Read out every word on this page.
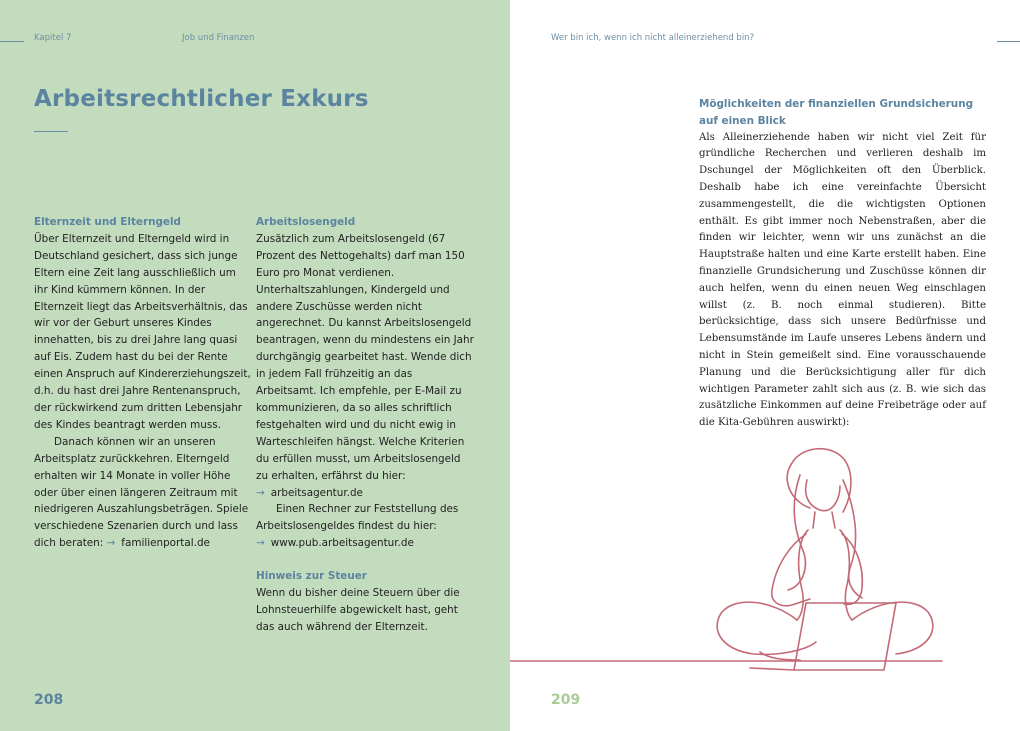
Kapitel 7	Job und Finanzen
Arbeitsrechtlicher Exkurs

Elternzeit und Elterngeld

Über Elternzeit und Elterngeld wird in Deutschland gesichert, dass sich junge Eltern eine Zeit lang ausschließlich um ihr Kind kümmern können. In der Elternzeit liegt das Arbeitsverhältnis, das wir vor der Geburt unseres Kindes innehatten, bis zu drei Jahre lang quasi auf Eis. Zudem hast du bei der Rente einen Anspruch auf Kindererziehungszeit, d.h. du hast drei Jahre Rentenanspruch, der rückwirkend zum dritten Lebensjahr des Kindes beantragt werden muss.

Danach können wir an unseren Arbeitsplatz zurückkehren. Elterngeld erhalten wir 14 Monate in voller Höhe oder über einen längeren Zeitraum mit niedrigeren Auszahlungsbeträgen. Spiele verschiedene Szenarien durch und lass dich beraten: → familienportal.de

Arbeitslosengeld

Zusätzlich zum Arbeitslosengeld (67 Prozent des Nettogehalts) darf man 150 Euro pro Monat verdienen. Unterhaltszahlungen, Kindergeld und andere Zuschüsse werden nicht angerechnet. Du kannst Arbeitslosengeld beantragen, wenn du mindestens ein Jahr durchgängig gearbeitet hast. Wende dich in jedem Fall frühzeitig an das Arbeitsamt. Ich empfehle, per E-Mail zu kommunizieren, da so alles schriftlich festgehalten wird und du nicht ewig in Warteschleifen hängst. Welche Kriterien du erfüllen musst, um Arbeitslosengeld zu erhalten, erfährst du hier: → arbeitsagentur.de

Einen Rechner zur Feststellung des Arbeitslosengeldes findest du hier: → www.pub.arbeitsagentur.de

Hinweis zur Steuer

Wenn du bisher deine Steuern über die Lohnsteuerhilfe abgewickelt hast, geht das auch während der Elternzeit.

208
Wer bin ich, wenn ich nicht alleinerziehend bin?

Möglichkeiten der finanziellen Grundsicherung auf einen Blick

Als Alleinerziehende haben wir nicht viel Zeit für gründliche Recherchen und verlieren deshalb im Dschungel der Möglichkeiten oft den Überblick. Deshalb habe ich eine vereinfachte Übersicht zusammengestellt, die die wichtigsten Optionen enthält. Es gibt immer noch Nebenstraßen, aber die finden wir leichter, wenn wir uns zunächst an die Hauptstraße halten und eine Karte erstellt haben. Eine finanzielle Grundsicherung und Zuschüsse können dir auch helfen, wenn du einen neuen Weg einschlagen willst (z. B. noch einmal studieren). Bitte berücksichtige, dass sich unsere Bedürfnisse und Lebensumstände im Laufe unseres Lebens ändern und nicht in Stein gemeißelt sind. Eine vorausschauende Planung und die Berücksichtigung aller für dich wichtigen Parameter zahlt sich aus (z. B. wie sich das zusätzliche Einkommen auf deine Freibeträge oder auf die Kita-Gebühren auswirkt):

209
